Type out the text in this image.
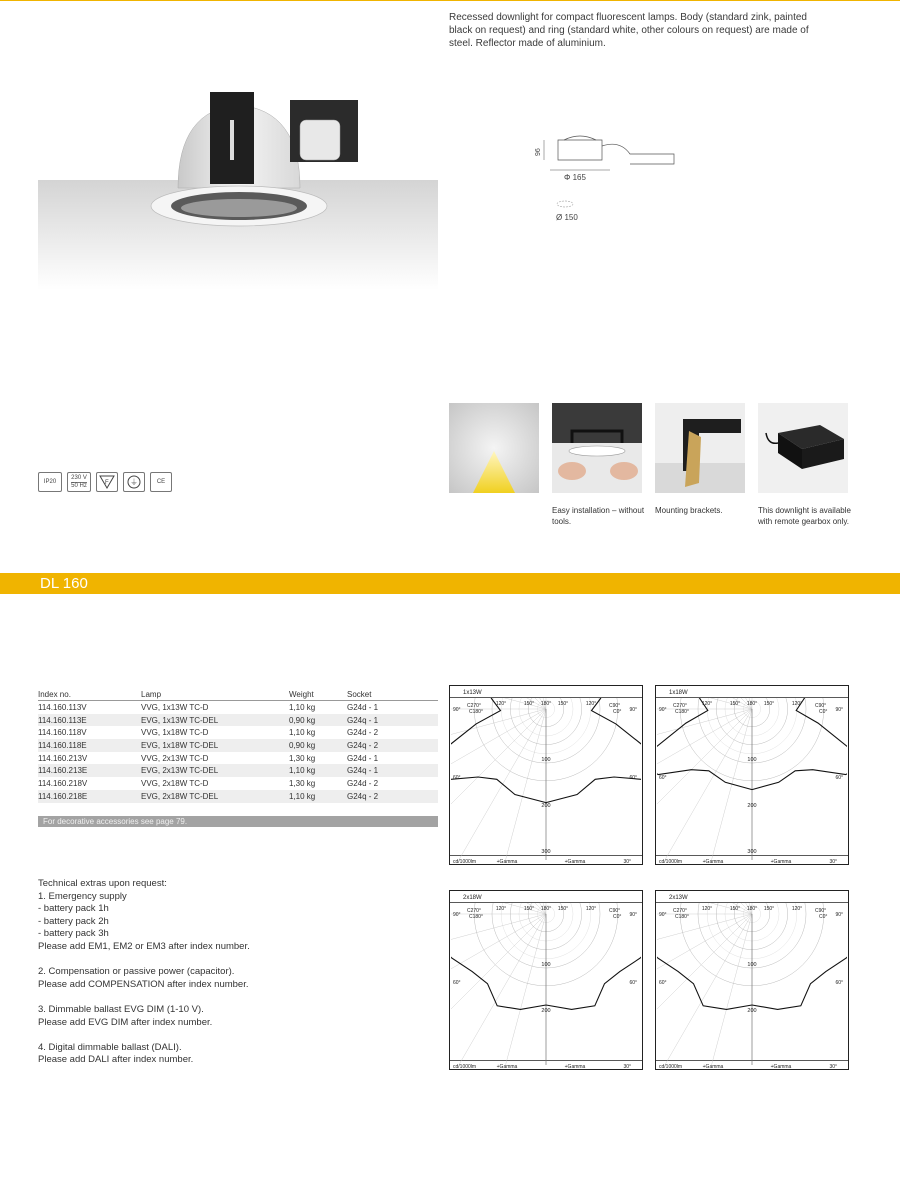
Recessed downlight for compact fluorescent lamps. Body (standard zink, painted black on request) and ring (standard white, other colours on request) are made of steel. Reflector made of aluminium.
96
Φ 165
Ø 150
IP20
230 V
50 Hz	F	⏚	CE
Easy installation – without tools.
Mounting brackets.	This downlight is available with remote gearbox only.
DL 160
Index no.	Lamp	Weight	Socket
114.160.113V	VVG, 1x13W TC-D	1,10 kg	G24d - 1
114.160.113E	EVG, 1x13W TC-DEL	0,90 kg	G24q - 1
114.160.118V	VVG, 1x18W TC-D	1,10 kg	G24d - 2
114.160.118E	EVG, 1x18W TC-DEL	0,90 kg	G24q - 2
114.160.213V	VVG, 2x13W TC-D	1,30 kg	G24d - 1
114.160.213E	EVG, 2x13W TC-DEL	1,10 kg	G24q - 1
114.160.218V	VVG, 2x18W TC-D	1,30 kg	G24d - 2
114.160.218E	EVG, 2x18W TC-DEL	1,10 kg	G24q - 2
For decorative accessories see page 79.

Technical extras upon request:

1. Emergency supply

- battery pack 1h

- battery pack 2h

- battery pack 3h

Please add EM1, EM2 or EM3 after index number.

2. Compensation or passive power (capacitor).

Please add COMPENSATION after index number.

3. Dimmable ballast EVG DIM (1-10 V).

Please add EVG DIM after index number.

4. Digital dimmable ballast (DALI).

Please add DALI after index number.

1x13W
100
200
300
cd/1000lm	+Gamma	+Gamma	30°
C270°
C180°
C90°
C0°
90°
120°	150° 180° 150°	120°
90°
60°	60°
1x18W
100
200
300
cd/1000lm	+Gamma	+Gamma	30°
C270°
C180°
C90°
C0°
90°
120°	150° 180° 150°	120°
90°
60°	60°
2x18W
100
200
cd/1000lm	+Gamma	+Gamma	30°
C270°
C180°
C90°
C0°
90°
120°	150° 180° 150°	120°
90°
60°	60°
2x13W
100
200
cd/1000lm	+Gamma	+Gamma	30°
C270°
C180°
C90°
C0°
90°
120°	150° 180° 150°	120°
90°
60°	60°
